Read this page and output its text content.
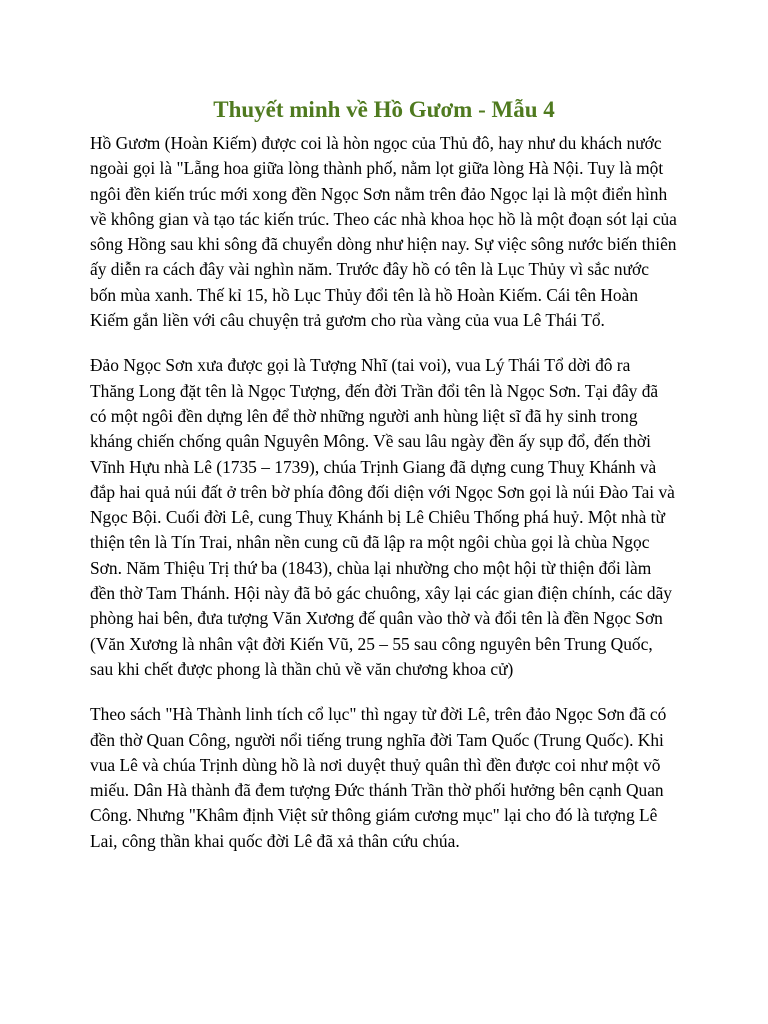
Thuyết minh về Hồ Gươm - Mẫu 4

Hồ Gươm (Hoàn Kiếm) được coi là hòn ngọc của Thủ đô, hay như du khách nước ngoài gọi là "Lẵng hoa giữa lòng thành phố, nằm lọt giữa lòng Hà Nội. Tuy là một ngôi đền kiến trúc mới xong đền Ngọc Sơn nằm trên đảo Ngọc lại là một điển hình về không gian và tạo tác kiến trúc. Theo các nhà khoa học hồ là một đoạn sót lại của sông Hồng sau khi sông đã chuyển dòng như hiện nay. Sự việc sông nước biến thiên ấy diễn ra cách đây vài nghìn năm. Trước đây hồ có tên là Lục Thủy vì sắc nước bốn mùa xanh. Thế kỉ 15, hồ Lục Thủy đổi tên là hồ Hoàn Kiếm. Cái tên Hoàn Kiếm gắn liền với câu chuyện trả gươm cho rùa vàng của vua Lê Thái Tổ.

Đảo Ngọc Sơn xưa được gọi là Tượng Nhĩ (tai voi), vua Lý Thái Tổ dời đô ra Thăng Long đặt tên là Ngọc Tượng, đến đời Trần đổi tên là Ngọc Sơn. Tại đây đã có một ngôi đền dựng lên để thờ những người anh hùng liệt sĩ đã hy sinh trong kháng chiến chống quân Nguyên Mông. Về sau lâu ngày đền ấy sụp đổ, đến thời Vĩnh Hựu nhà Lê (1735 – 1739), chúa Trịnh Giang đã dựng cung Thuỵ Khánh và đắp hai quả núi đất ở trên bờ phía đông đối diện với Ngọc Sơn gọi là núi Đào Tai và Ngọc Bội. Cuối đời Lê, cung Thuỵ Khánh bị Lê Chiêu Thống phá huỷ. Một nhà từ thiện tên là Tín Trai, nhân nền cung cũ đã lập ra một ngôi chùa gọi là chùa Ngọc Sơn. Năm Thiệu Trị thứ ba (1843), chùa lại nhường cho một hội từ thiện đổi làm đền thờ Tam Thánh. Hội này đã bỏ gác chuông, xây lại các gian điện chính, các dãy phòng hai bên, đưa tượng Văn Xương đế quân vào thờ và đổi tên là đền Ngọc Sơn (Văn Xương là nhân vật đời Kiến Vũ, 25 – 55 sau công nguyên bên Trung Quốc, sau khi chết được phong là thần chủ về văn chương khoa cử)

Theo sách "Hà Thành linh tích cổ lục" thì ngay từ đời Lê, trên đảo Ngọc Sơn đã có đền thờ Quan Công, người nổi tiếng trung nghĩa đời Tam Quốc (Trung Quốc). Khi vua Lê và chúa Trịnh dùng hồ là nơi duyệt thuỷ quân thì đền được coi như một võ miếu. Dân Hà thành đã đem tượng Đức thánh Trần thờ phối hưởng bên cạnh Quan Công. Nhưng "Khâm định Việt sử thông giám cương mục" lại cho đó là tượng Lê Lai, công thần khai quốc đời Lê đã xả thân cứu chúa.
